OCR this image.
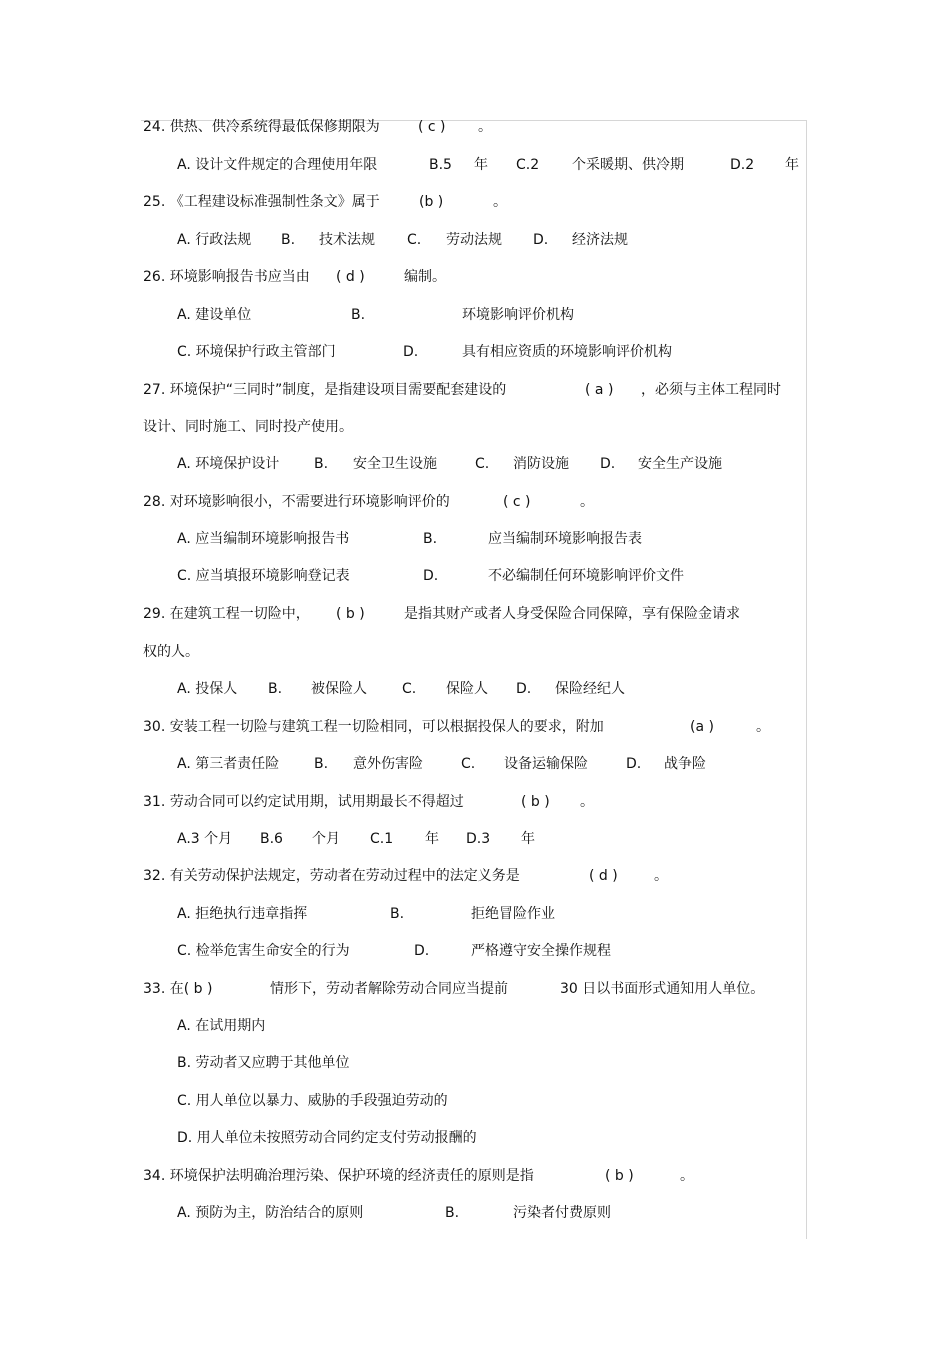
24. 供热、供冷系统得最低保修期限为	( c ) 。
A. 设计文件规定的合理使用年限	B.5 年 C.2 个采暖期、供冷期	D.2 年
25. 《工程建设标准强制性条文》属于	(b )	。
A. 行政法规 B. 技术法规 C. 劳动法规 D. 经济法规
26. 环境影响报告书应当由 ( d )	编制。
A. 建设单位	B.	环境影响评价机构
C. 环境保护行政主管部门	D.	具有相应资质的环境影响评价机构
27. 环境保护“三同时”制度，是指建设项目需要配套建设的	( a ) ，必须与主体工程同时
设计、同时施工、同时投产使用。
A. 环境保护设计 B. 安全卫生设施	C. 消防设施 D. 安全生产设施
28. 对环境影响很小，不需要进行环境影响评价的	( c )	。
A. 应当编制环境影响报告书	B.	应当编制环境影响报告表
C. 应当填报环境影响登记表	D.	不必编制任何环境影响评价文件
29. 在建筑工程一切险中， ( b )	是指其财产或者人身受保险合同保障，享有保险金请求
权的人。
A. 投保人 B. 被保险人	C. 保险人 D. 保险经纪人
30. 安装工程一切险与建筑工程一切险相同，可以根据投保人的要求，附加	(a )	。
A. 第三者责任险 B. 意外伤害险	C. 设备运输保险	D. 战争险
31. 劳动合同可以约定试用期，试用期最长不得超过	( b ) 。
A.3 个月 B.6 个月 C.1 年 D.3 年
32. 有关劳动保护法规定，劳动者在劳动过程中的法定义务是	( d )	。
A. 拒绝执行违章指挥	B.	拒绝冒险作业
C. 检举危害生命安全的行为	D.	严格遵守安全操作规程
33. 在( b )	情形下，劳动者解除劳动合同应当提前	30 日以书面形式通知用人单位。
A. 在试用期内
B. 劳动者又应聘于其他单位
C. 用人单位以暴力、威胁的手段强迫劳动的
D. 用人单位未按照劳动合同约定支付劳动报酬的
34. 环境保护法明确治理污染、保护环境的经济责任的原则是指	( b )	。
A. 预防为主，防治结合的原则	B.	污染者付费原则
